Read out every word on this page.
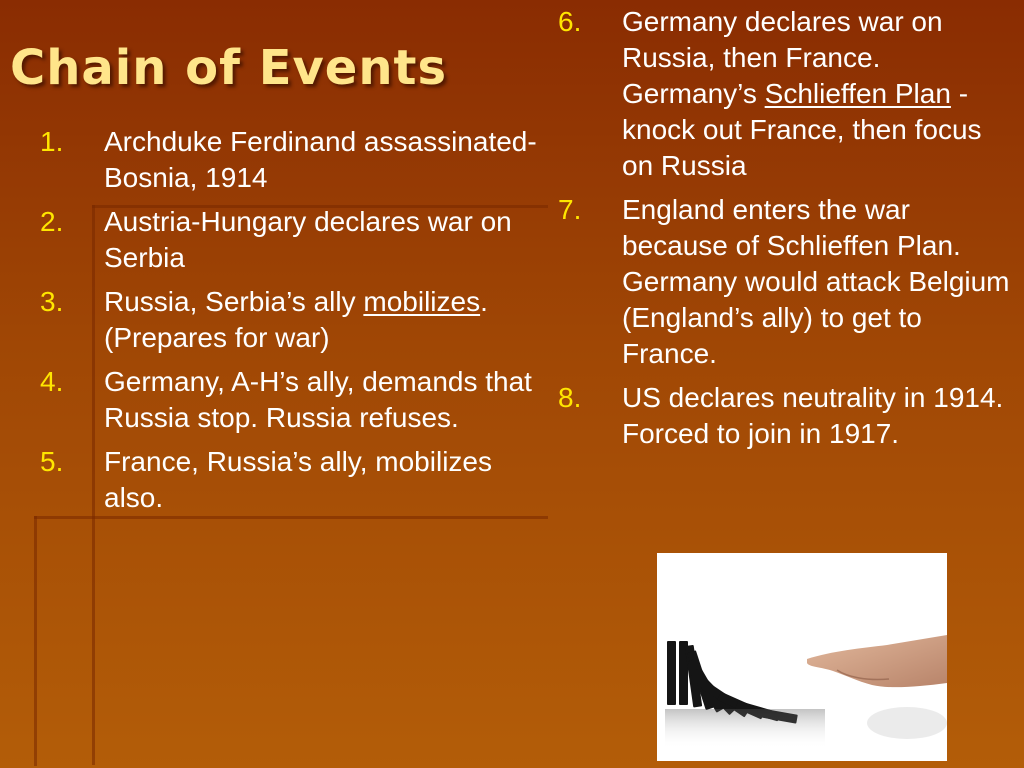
Chain of Events
1.	Archduke Ferdinand assassinated-Bosnia, 1914
2.	Austria-Hungary declares war on Serbia
3.	Russia, Serbia’s ally mobilizes. (Prepares for war)
4.	Germany, A-H’s ally, demands that Russia stop. Russia refuses.
5.	France, Russia’s ally, mobilizes also.
6.	Germany declares war on Russia, then France. Germany’s Schlieffen Plan - knock out France, then focus on Russia
7.	England enters the war because of Schlieffen Plan. Germany would attack Belgium (England’s ally) to get to France.
8.	US declares neutrality in 1914. Forced to join in 1917.
